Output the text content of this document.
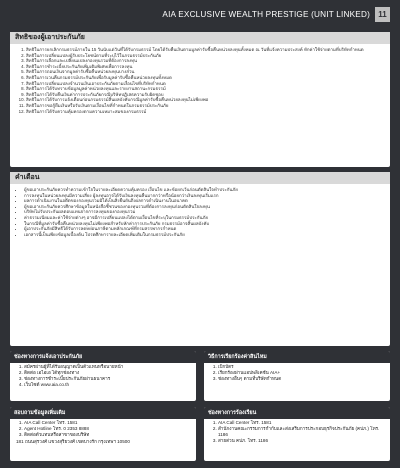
AIA EXCLUSIVE WEALTH PRESTIGE (UNIT LINKED)	11
สิทธิของผู้เอาประกันภัย
1. สิทธิในการยกเลิกกรมธรรม์ภายใน 15 วันนับแต่วันที่ได้รับกรมธรรม์ โดยได้รับคืนเงินตามมูลค่ารับซื้อคืนหน่วยลงทุนทั้งหมด ณ วันที่แจ้งความประสงค์ หักค่าใช้จ่ายตามที่บริษัทกำหนด
2. สิทธิในการเปลี่ยนแปลงผู้รับประโยชน์ตามที่ระบุไว้ในกรมธรรม์ประกันภัย
3. สิทธิในการเลือกและเปลี่ยนแปลงกองทุนรวมที่ต้องการลงทุน
4. สิทธิในการชำระเบี้ยประกันภัยเพิ่มเติมพิเศษเพื่อการลงทุน
5. สิทธิในการถอนเงินจากมูลค่ารับซื้อคืนหน่วยลงทุนบางส่วน
6. สิทธิในการเวนคืนกรมธรรม์ประกันภัยเพื่อรับมูลค่ารับซื้อคืนหน่วยลงทุนทั้งหมด
7. สิทธิในการเปลี่ยนแปลงจำนวนเงินเอาประกันภัยตามเงื่อนไขที่บริษัทกำหนด
8. สิทธิในการได้รับทราบข้อมูลมูลค่าหน่วยลงทุนและรายงานสถานะกรมธรรม์
9. สิทธิในการได้รับคืนเงินค่าการประกันภัยกรณีบริษัทปฏิเสธความรับผิดชอบ
10. สิทธิในการได้รับการแจ้งเตือนก่อนกรมธรรม์สิ้นผลบังคับกรณีมูลค่ารับซื้อคืนหน่วยลงทุนไม่เพียงพอ
11. สิทธิในการขอกู้ยืมเงินหรือรับเงินตามเงื่อนไขที่กำหนดในกรมธรรม์ประกันภัย
12. สิทธิในการได้รับความคุ้มครองตามความเหมาะสมของกรมธรรม์
คำเตือน
• ผู้ขอเอาประกันภัยควรทำความเข้าใจในรายละเอียดความคุ้มครอง เงื่อนไข และข้อยกเว้นก่อนตัดสินใจทำประกันภัย
• การลงทุนในหน่วยลงทุนมีความเสี่ยง ผู้ลงทุนอาจได้รับเงินลงทุนคืนมากกว่าหรือน้อยกว่าเงินลงทุนเริ่มแรก
• ผลการดำเนินงานในอดีตของกองทุนรวมมิได้เป็นสิ่งยืนยันถึงผลการดำเนินงานในอนาคต
• ผู้ขอเอาประกันภัยควรศึกษาข้อมูลในหนังสือชี้ชวนของกองทุนรวมที่ต้องการลงทุนก่อนตัดสินใจลงทุน
• บริษัทไม่รับประกันผลตอบแทนจากการลงทุนของกองทุนรวม
• ค่าธรรมเนียมและค่าใช้จ่ายต่างๆ อาจมีการเปลี่ยนแปลงได้ตามเงื่อนไขที่ระบุในกรมธรรม์ประกันภัย
• ในกรณีที่มูลค่ารับซื้อคืนหน่วยลงทุนไม่เพียงพอสำหรับหักค่าการประกันภัย กรมธรรม์อาจสิ้นผลบังคับ
• ผู้เอาประกันภัยมีสิทธิได้รับการลดหย่อนภาษีตามหลักเกณฑ์ที่กรมสรรพากรกำหนด
• เอกสารนี้เป็นเพียงข้อมูลเบื้องต้น โปรดศึกษารายละเอียดเพิ่มเติมในกรมธรรม์ประกันภัย
ช่องทางการแจ้งเอาประกันภัย
1. สมัครผ่านผู้ที่ได้รับอนุญาตเป็นตัวแทนหรือนายหน้า
2. ติดต่อ เอไอเอ ได้ทุกช่องทาง
3. ช่องทางการชำระเบี้ยประกันภัยผ่านธนาคาร
4. เว็บไซต์ www.aia.co.th
วิธีการเรียกร้องค่าสินไหม
1. เบิกบัตร
2. เรียกร้องผ่านแอปพลิเคชัน AIA+
3. ช่องทางอื่นๆ ตามที่บริษัทกำหนด
สอบถามข้อมูลเพิ่มเติม
1. AIA Call Center โทร. 1581
2. Agent Hotline โทร. 0 2353 8888
3. ติดต่อตัวแทนหรือสาขาของบริษัท
181 ถนนสุรวงศ์ แขวงสุริยวงศ์ เขตบางรัก กรุงเทพฯ 10500
ช่องทางการร้องเรียน
1. AIA Call Center โทร. 1581
2. สำนักงานคณะกรรมการกำกับและส่งเสริมการประกอบธุรกิจประกันภัย (คปภ.) โทร. 1186
3. สายด่วน คปภ. โทร. 1186
